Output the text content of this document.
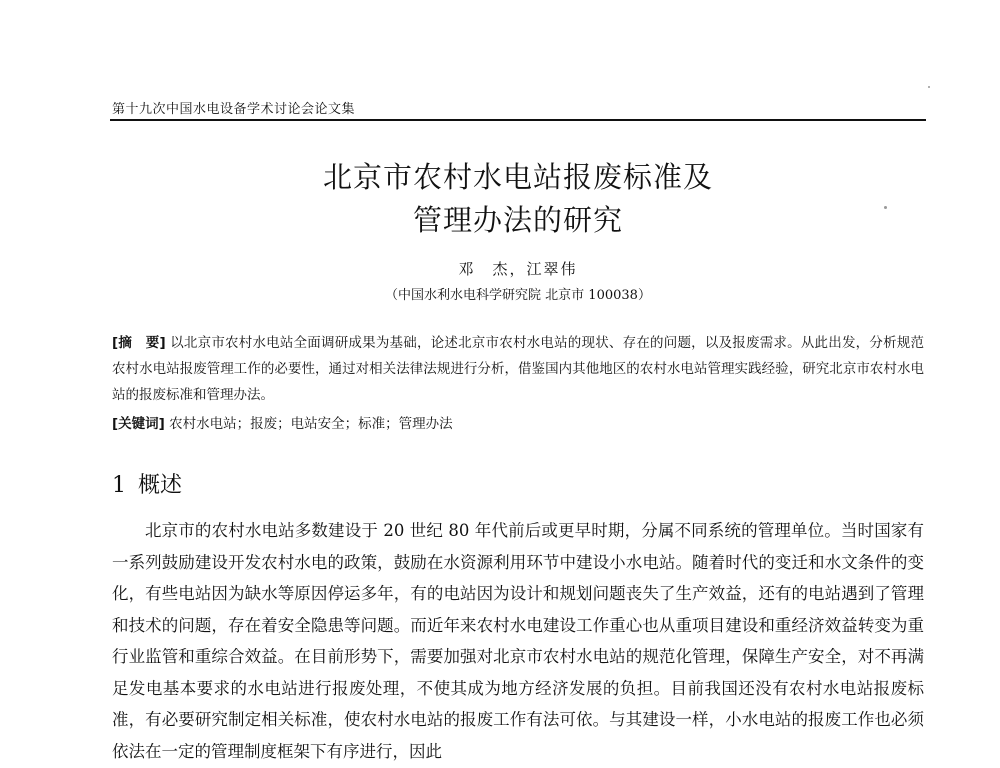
第十九次中国水电设备学术讨论会论文集
北京市农村水电站报废标准及
管理办法的研究
邓　杰，江翠伟
（中国水利水电科学研究院 北京市 100038）
[摘　要] 以北京市农村水电站全面调研成果为基础，论述北京市农村水电站的现状、存在的问题，以及报废需求。从此出发，分析规范农村水电站报废管理工作的必要性，通过对相关法律法规进行分析，借鉴国内其他地区的农村水电站管理实践经验，研究北京市农村水电站的报废标准和管理办法。
[关键词] 农村水电站；报废；电站安全；标准；管理办法
1 概述

北京市的农村水电站多数建设于 20 世纪 80 年代前后或更早时期，分属不同系统的管理单位。当时国家有一系列鼓励建设开发农村水电的政策，鼓励在水资源利用环节中建设小水电站。随着时代的变迁和水文条件的变化，有些电站因为缺水等原因停运多年，有的电站因为设计和规划问题丧失了生产效益，还有的电站遇到了管理和技术的问题，存在着安全隐患等问题。而近年来农村水电建设工作重心也从重项目建设和重经济效益转变为重行业监管和重综合效益。在目前形势下，需要加强对北京市农村水电站的规范化管理，保障生产安全，对不再满足发电基本要求的水电站进行报废处理，不使其成为地方经济发展的负担。目前我国还没有农村水电站报废标准，有必要研究制定相关标准，使农村水电站的报废工作有法可依。与其建设一样，小水电站的报废工作也必须依法在一定的管理制度框架下有序进行，因此
